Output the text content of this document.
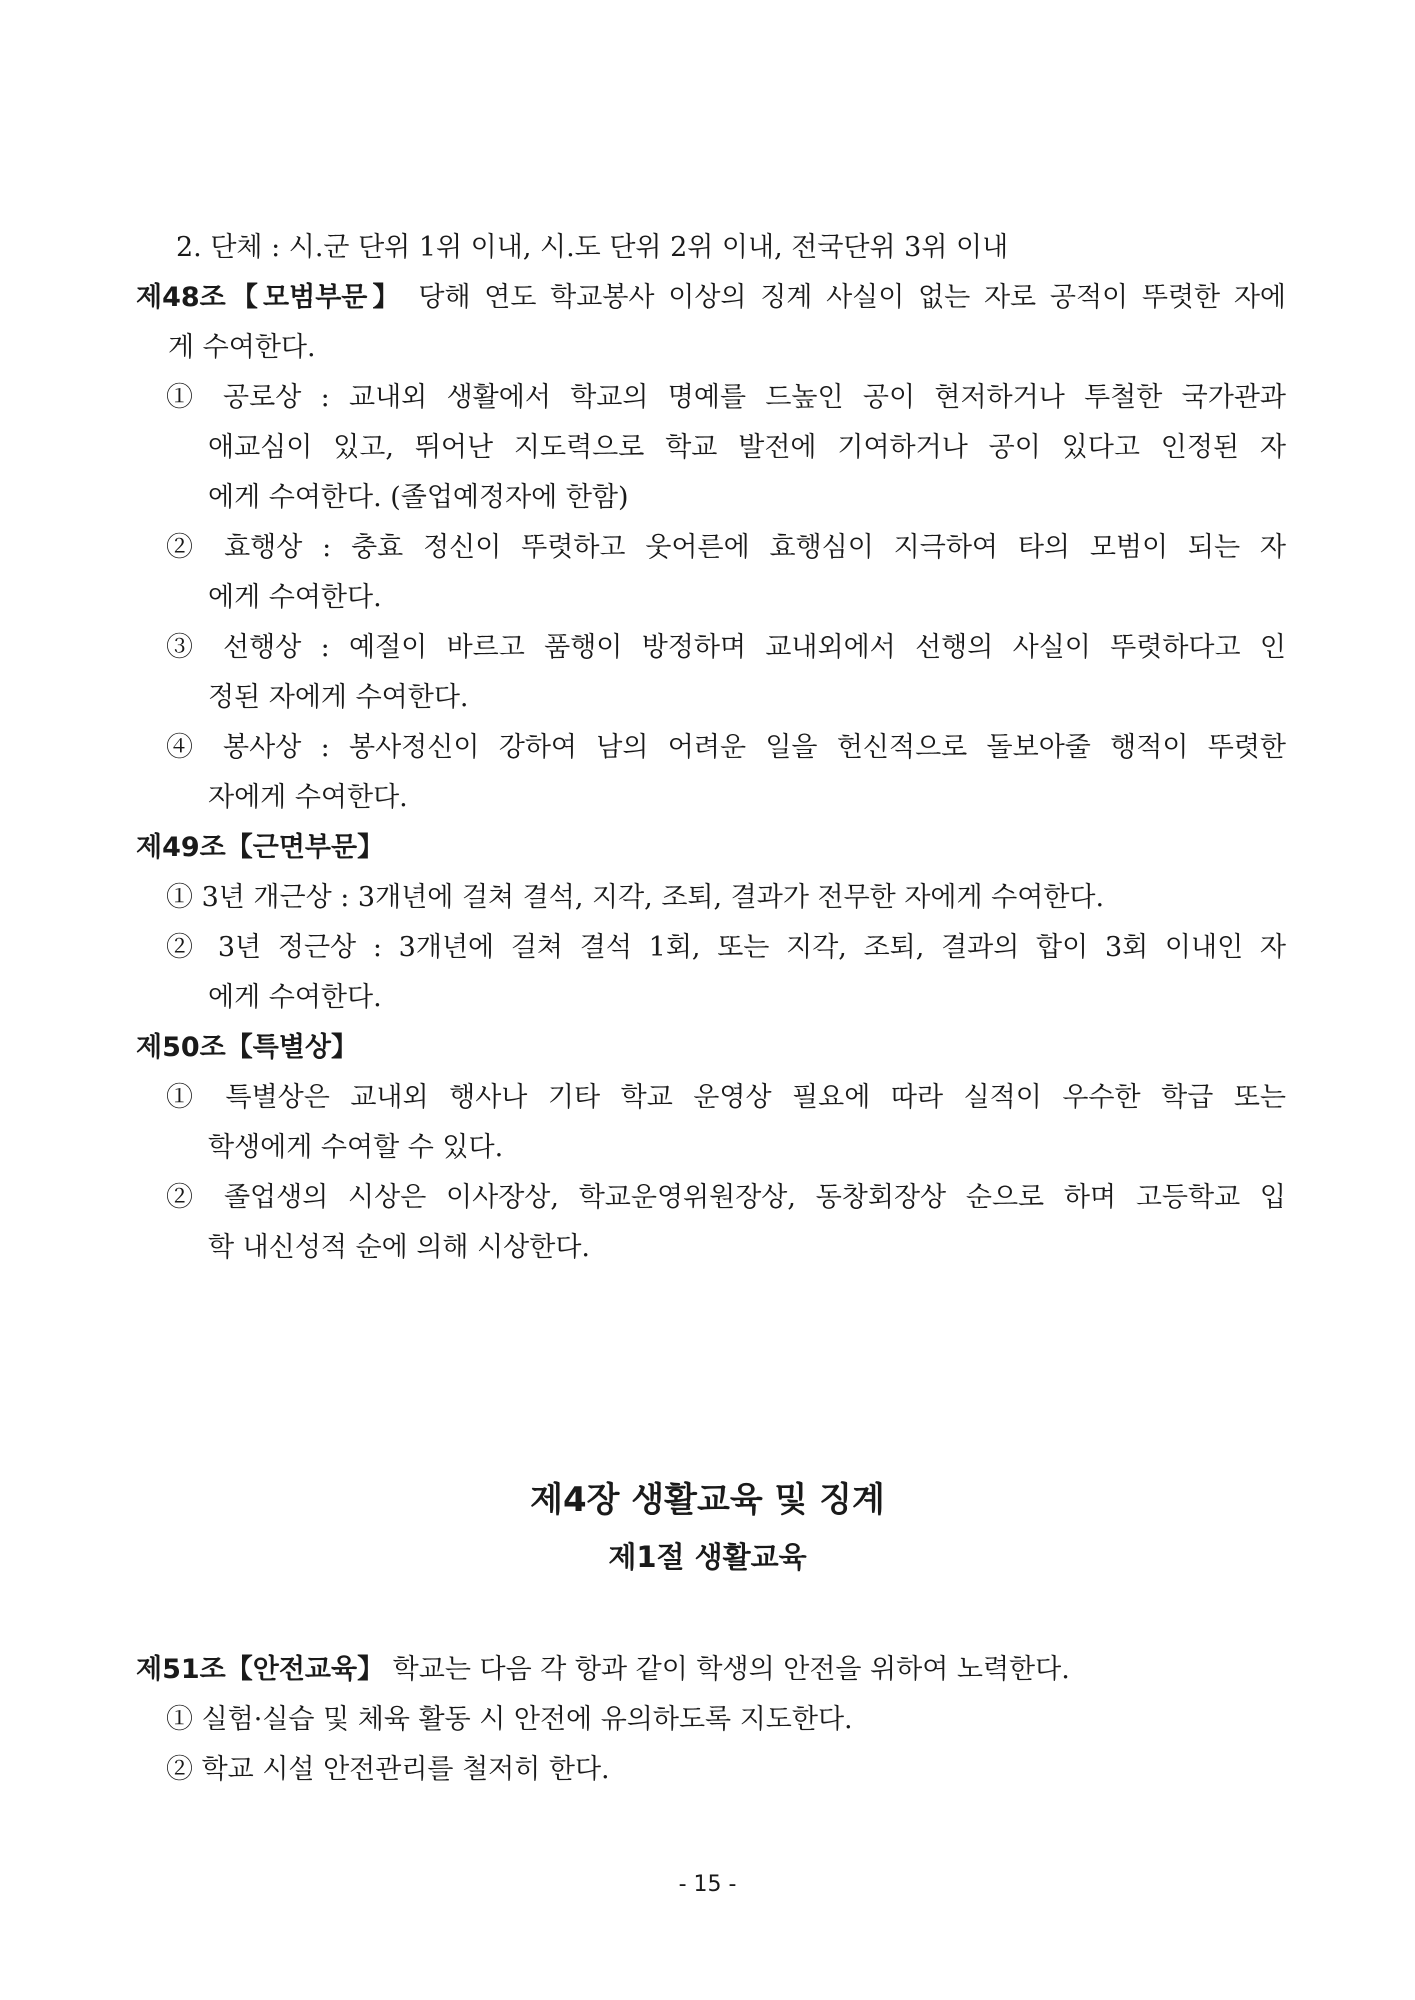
2. 단체 : 시.군 단위 1위 이내, 시.도 단위 2위 이내, 전국단위 3위 이내
제48조【모범부문】 당해 연도 학교봉사 이상의 징계 사실이 없는 자로 공적이 뚜렷한 자에
게 수여한다.
① 공로상 : 교내외 생활에서 학교의 명예를 드높인 공이 현저하거나 투철한 국가관과
애교심이 있고, 뛰어난 지도력으로 학교 발전에 기여하거나 공이 있다고 인정된 자
에게 수여한다. (졸업예정자에 한함)
② 효행상 : 충효 정신이 뚜렷하고 웃어른에 효행심이 지극하여 타의 모범이 되는 자
에게 수여한다.
③ 선행상 : 예절이 바르고 품행이 방정하며 교내외에서 선행의 사실이 뚜렷하다고 인
정된 자에게 수여한다.
④ 봉사상 : 봉사정신이 강하여 남의 어려운 일을 헌신적으로 돌보아줄 행적이 뚜렷한
자에게 수여한다.
제49조【근면부문】
① 3년 개근상 : 3개년에 걸쳐 결석, 지각, 조퇴, 결과가 전무한 자에게 수여한다.
② 3년 정근상 : 3개년에 걸쳐 결석 1회, 또는 지각, 조퇴, 결과의 합이 3회 이내인 자
에게 수여한다.
제50조【특별상】
① 특별상은 교내외 행사나 기타 학교 운영상 필요에 따라 실적이 우수한 학급 또는
학생에게 수여할 수 있다.
② 졸업생의 시상은 이사장상, 학교운영위원장상, 동창회장상 순으로 하며 고등학교 입
학 내신성적 순에 의해 시상한다.
제4장 생활교육 및 징계
제1절 생활교육
제51조【안전교육】 학교는 다음 각 항과 같이 학생의 안전을 위하여 노력한다.
① 실험·실습 및 체육 활동 시 안전에 유의하도록 지도한다.
② 학교 시설 안전관리를 철저히 한다.
- 15 -
